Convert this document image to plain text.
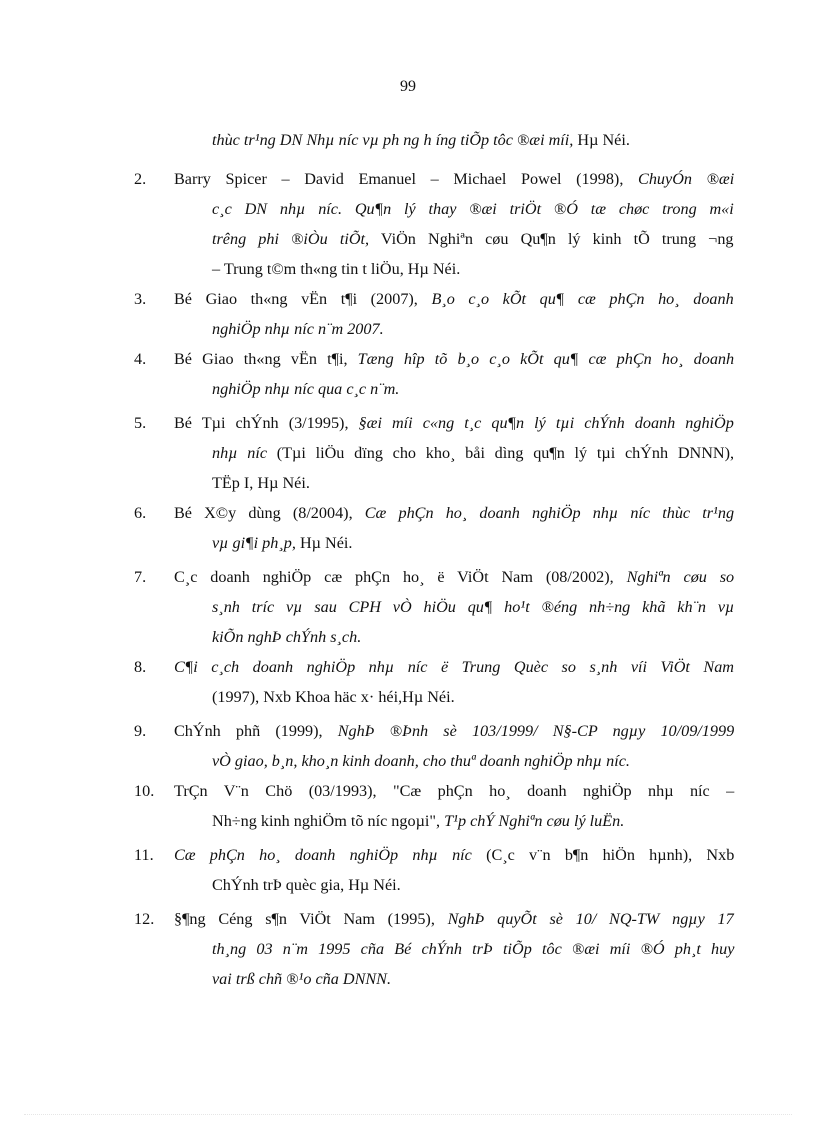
99
thùc tr¹ng DN Nhµ níc vµ ph ng h íng tiÕp tôc ®æi míi, Hµ Néi.
2.	Barry Spicer – David Emanuel – Michael Powel (1998), ChuyÓn ®æi
c¸c DN nhµ níc. Qu¶n lý thay ®æi triÖt ®Ó tæ chøc trong m«i
trêng phi ®iÒu tiÕt, ViÖn Nghiªn cøu Qu¶n lý kinh tÕ trung ¬ng
– Trung t©m th«ng tin t liÖu, Hµ Néi.
3.	Bé Giao th«ng vËn t¶i (2007), B¸o c¸o kÕt qu¶ cæ phÇn ho¸ doanh
nghiÖp nhµ níc n¨m 2007.
4.	Bé Giao th«ng vËn t¶i, Tæng hîp tõ b¸o c¸o kÕt qu¶ cæ phÇn ho¸ doanh
nghiÖp nhµ níc qua c¸c n¨m.
5.	Bé Tµi chÝnh (3/1995), §æi míi c«ng t¸c qu¶n lý tµi chÝnh doanh nghiÖp
nhµ níc (Tµi liÖu dïng cho kho¸ båi dìng qu¶n lý tµi chÝnh DNNN),
TËp I, Hµ Néi.
6.	Bé X©y dùng (8/2004), Cæ phÇn ho¸ doanh nghiÖp nhµ níc thùc tr¹ng
vµ gi¶i ph¸p, Hµ Néi.
7.	C¸c doanh nghiÖp cæ phÇn ho¸ ë ViÖt Nam (08/2002), Nghiªn cøu so
s¸nh tríc vµ sau CPH vÒ hiÖu qu¶ ho¹t ®éng nh÷ng khã kh¨n vµ
kiÕn nghÞ chÝnh s¸ch.
8.	C¶i c¸ch doanh nghiÖp nhµ níc ë Trung Quèc so s¸nh víi ViÖt Nam
(1997), Nxb Khoa häc x· héi,Hµ Néi.
9.	ChÝnh phñ (1999), NghÞ ®Þnh sè 103/1999/ N§-CP ngµy 10/09/1999
vÒ giao, b¸n, kho¸n kinh doanh, cho thuª doanh nghiÖp nhµ níc.
10.	TrÇn V¨n Chö (03/1993), "Cæ phÇn ho¸ doanh nghiÖp nhµ níc –
Nh÷ng kinh nghiÖm tõ níc ngoµi", T¹p chÝ Nghiªn cøu lý luËn.
11.	Cæ phÇn ho¸ doanh nghiÖp nhµ níc (C¸c v¨n b¶n hiÖn hµnh), Nxb
ChÝnh trÞ quèc gia, Hµ Néi.
12.	§¶ng Céng s¶n ViÖt Nam (1995), NghÞ quyÕt sè 10/ NQ-TW ngµy 17
th¸ng 03 n¨m 1995 cña Bé chÝnh trÞ tiÕp tôc ®æi míi ®Ó ph¸t huy
vai trß chñ ®¹o cña DNNN.
